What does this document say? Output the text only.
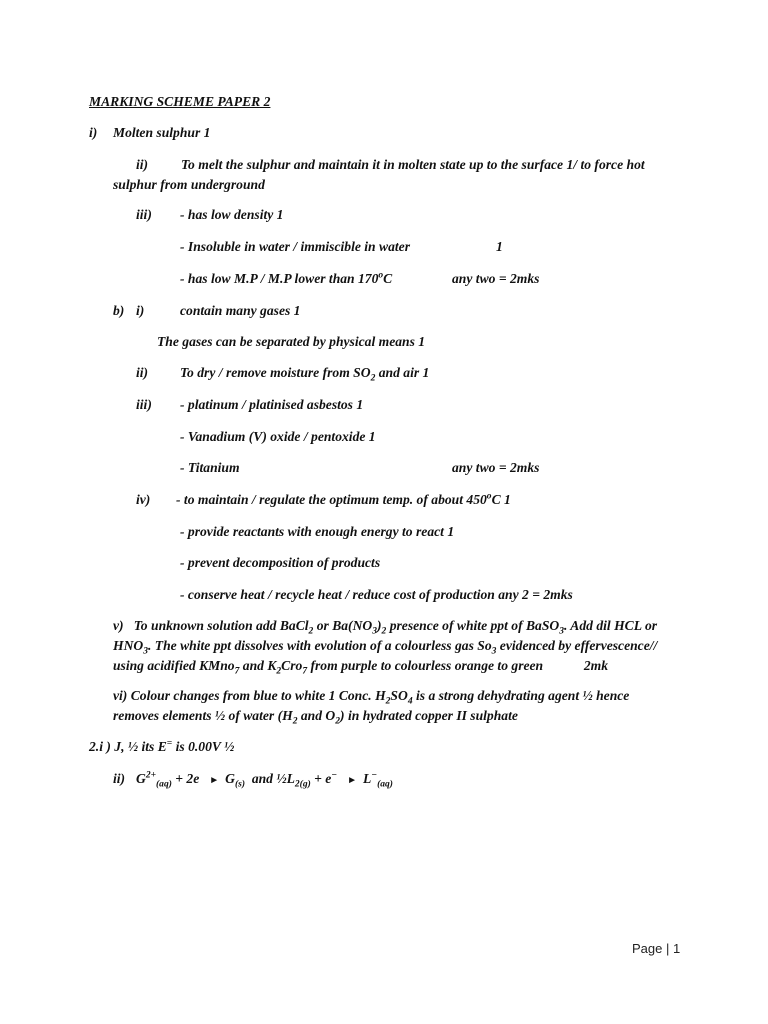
MARKING SCHEME PAPER 2
i) Molten sulphur 1
ii)	To melt the sulphur and maintain it in molten state up to the surface 1/ to force hot
sulphur from underground
iii) - has low density 1
- Insoluble in water / immiscible in water	1
- has low M.P / M.P lower than 170$^o$C	any two = 2mks
b) i)	contain many gases 1
The gases can be separated by physical means 1
ii) To dry / remove moisture from $SO_2$ and air 1
iii) - platinum / platinised asbestos 1
- Vanadium (V) oxide / pentoxide 1
- Titanium	any two = 2mks
iv) - to maintain / regulate the optimum temp. of about 450$^o$C 1
- provide reactants with enough energy to react 1
- prevent decomposition of products
- conserve heat / recycle heat / reduce cost of production any 2 = 2mks
v)   To unknown solution add BaCl$_2$ or $Ba(NO_3)_2$ presence of white ppt of BaSO$_3$. Add dil HCL or
$HNO_3$. The white ppt dissolves with evolution of a colourless gas $So_3$ evidenced by effervescence//
using acidified KMno$_7$ and $K_2Cro_7$ from purple to colourless orange to green            2mk
vi) Colour changes from blue to white 1 Conc. $H_2SO_4$ is a strong dehydrating agent ½ hence
removes elements ½ of water ($H_2$ and $O_2$) in hydrated copper II sulphate
2.i ) J, ½ its E= is 0.00V ½
ii) $G^{2+}_{(aq)} + 2e$ ► $G_{(s)}$  and $\frac{1}{2}L_{2(g)} + e^-$ ► $L^-_{(aq)}$
Page | 1
